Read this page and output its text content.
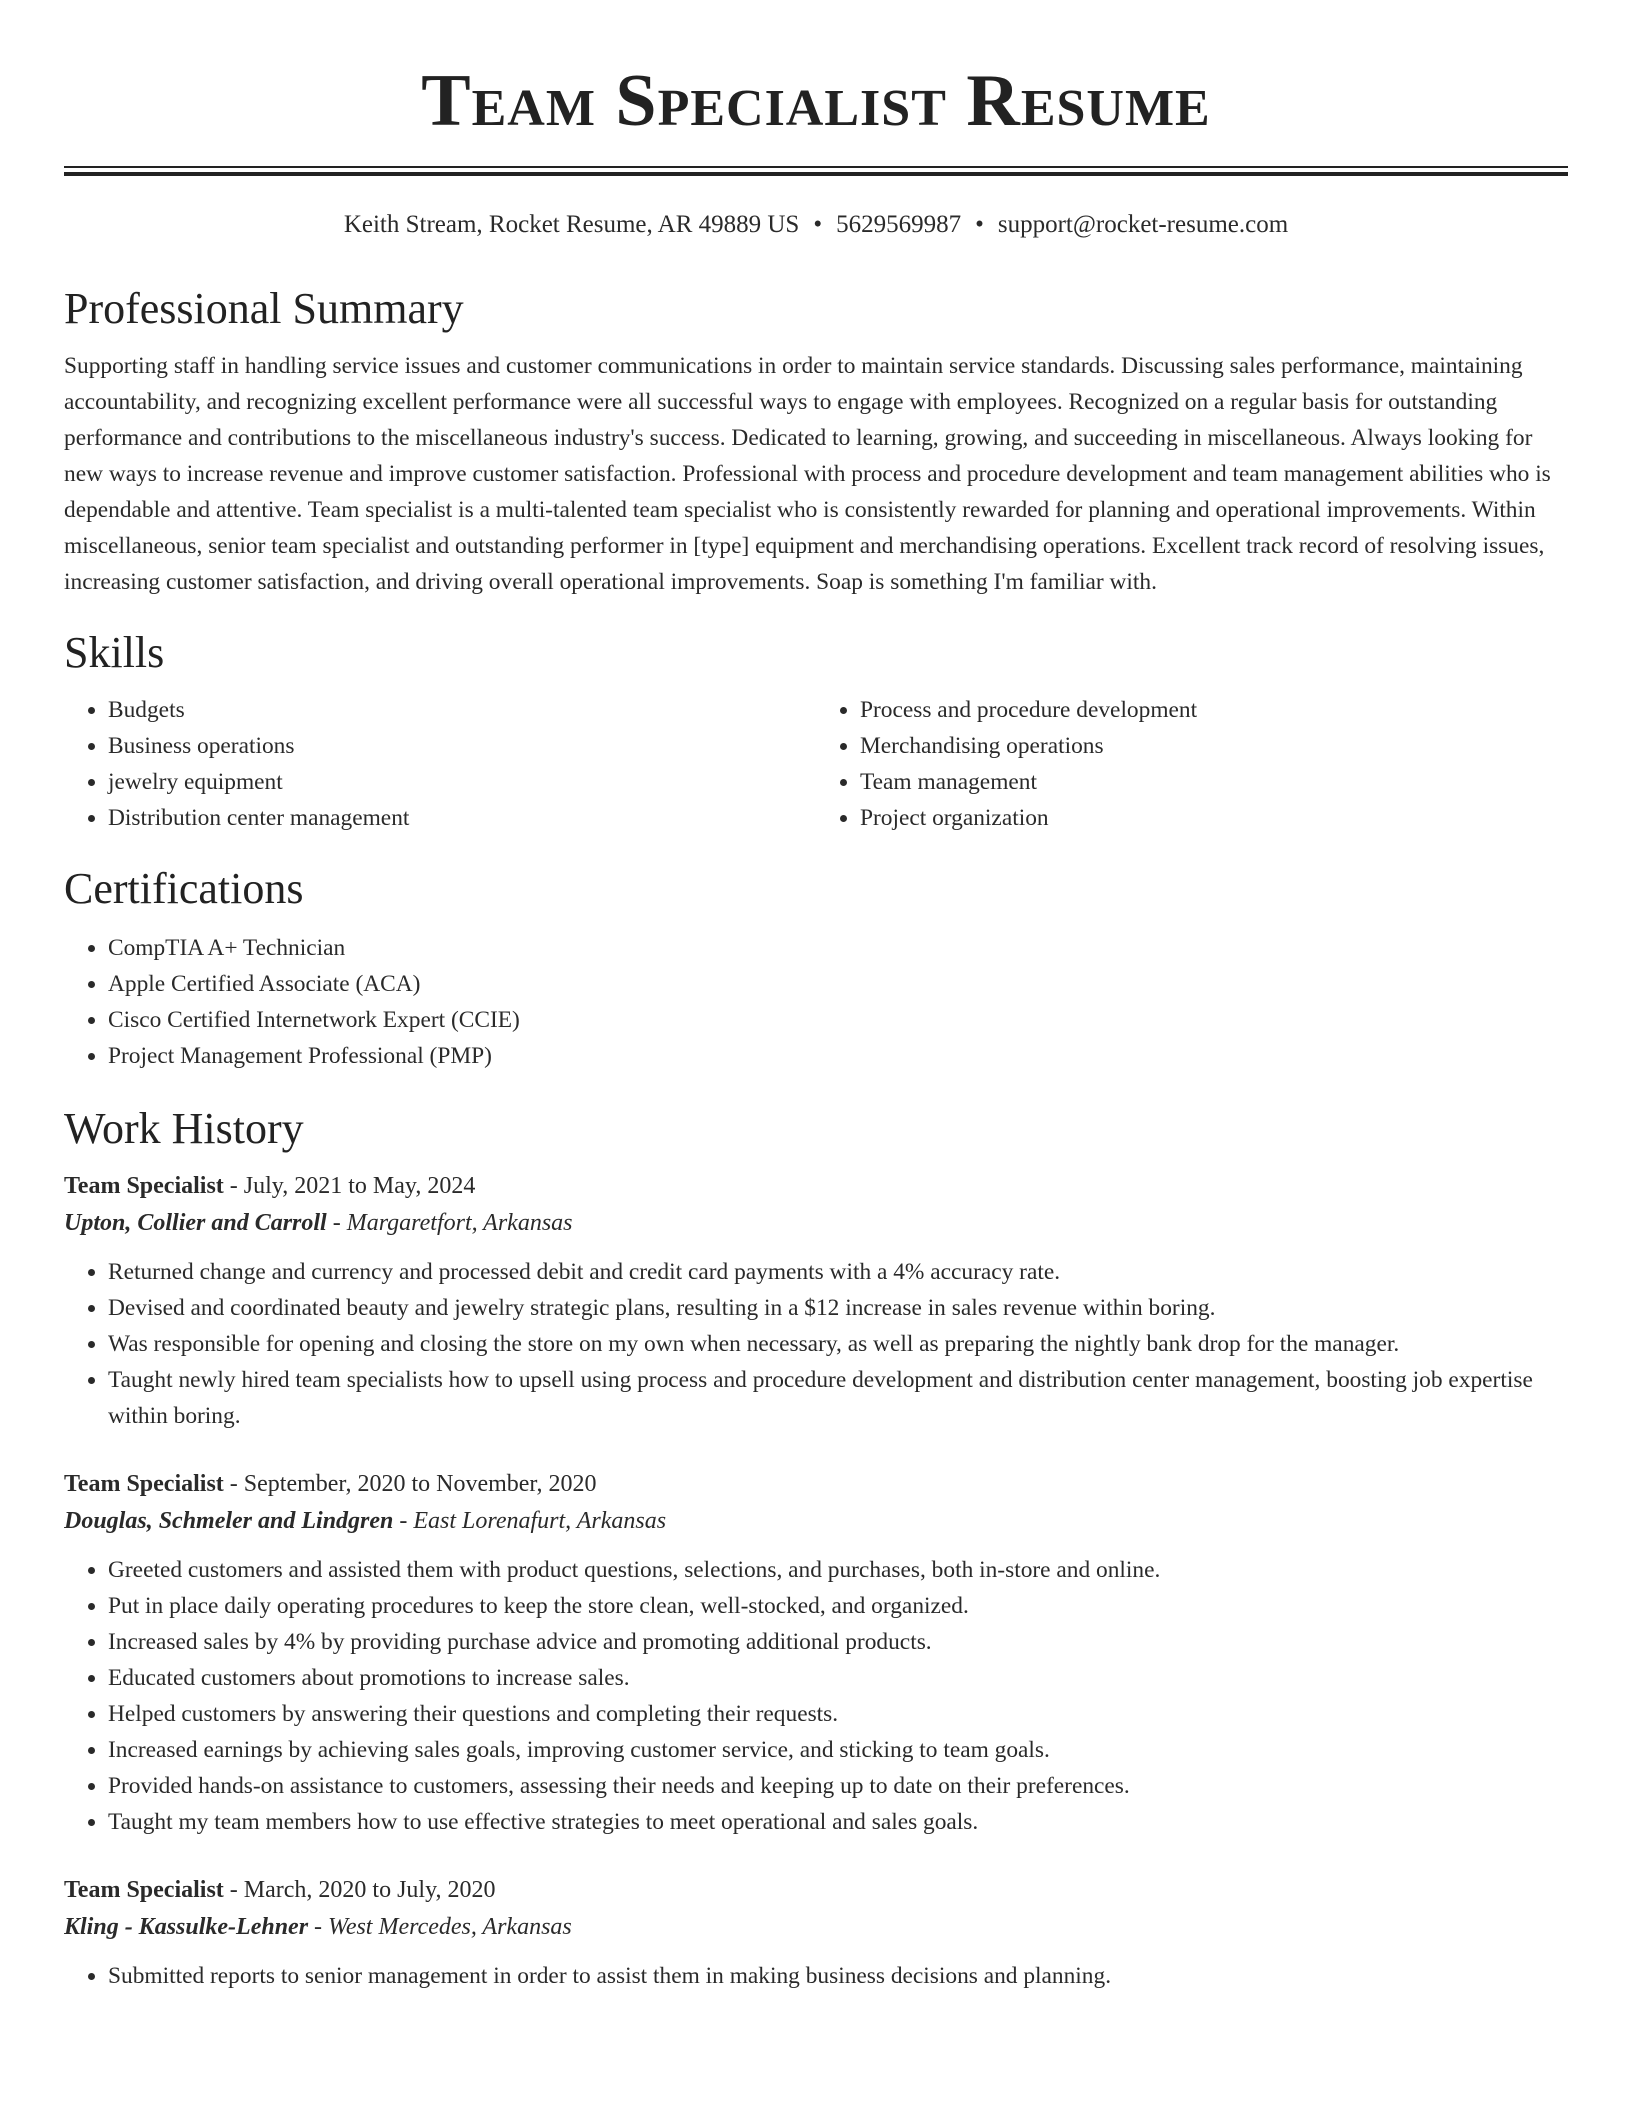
Team Specialist Resume
Keith Stream, Rocket Resume, AR 49889 US • 5629569987 • support@rocket-resume.com
Professional Summary

Supporting staff in handling service issues and customer communications in order to maintain service standards. Discussing sales performance, maintaining accountability, and recognizing excellent performance were all successful ways to engage with employees. Recognized on a regular basis for outstanding performance and contributions to the miscellaneous industry's success. Dedicated to learning, growing, and succeeding in miscellaneous. Always looking for new ways to increase revenue and improve customer satisfaction. Professional with process and procedure development and team management abilities who is dependable and attentive. Team specialist is a multi-talented team specialist who is consistently rewarded for planning and operational improvements. Within miscellaneous, senior team specialist and outstanding performer in [type] equipment and merchandising operations. Excellent track record of resolving issues, increasing customer satisfaction, and driving overall operational improvements. Soap is something I'm familiar with.

Skills
• Budgets
• Business operations
• jewelry equipment
• Distribution center management
• Process and procedure development
• Merchandising operations
• Team management
• Project organization
Certifications
• CompTIA A+ Technician
• Apple Certified Associate (ACA)
• Cisco Certified Internetwork Expert (CCIE)
• Project Management Professional (PMP)
Work History
Team Specialist - July, 2021 to May, 2024
Upton, Collier and Carroll - Margaretfort, Arkansas
• Returned change and currency and processed debit and credit card payments with a 4% accuracy rate.
• Devised and coordinated beauty and jewelry strategic plans, resulting in a $12 increase in sales revenue within boring.
• Was responsible for opening and closing the store on my own when necessary, as well as preparing the nightly bank drop for the manager.
• Taught newly hired team specialists how to upsell using process and procedure development and distribution center management, boosting job expertise within boring.
Team Specialist - September, 2020 to November, 2020
Douglas, Schmeler and Lindgren - East Lorenafurt, Arkansas
• Greeted customers and assisted them with product questions, selections, and purchases, both in-store and online.
• Put in place daily operating procedures to keep the store clean, well-stocked, and organized.
• Increased sales by 4% by providing purchase advice and promoting additional products.
• Educated customers about promotions to increase sales.
• Helped customers by answering their questions and completing their requests.
• Increased earnings by achieving sales goals, improving customer service, and sticking to team goals.
• Provided hands-on assistance to customers, assessing their needs and keeping up to date on their preferences.
• Taught my team members how to use effective strategies to meet operational and sales goals.
Team Specialist - March, 2020 to July, 2020
Kling - Kassulke-Lehner - West Mercedes, Arkansas
• Submitted reports to senior management in order to assist them in making business decisions and planning.
